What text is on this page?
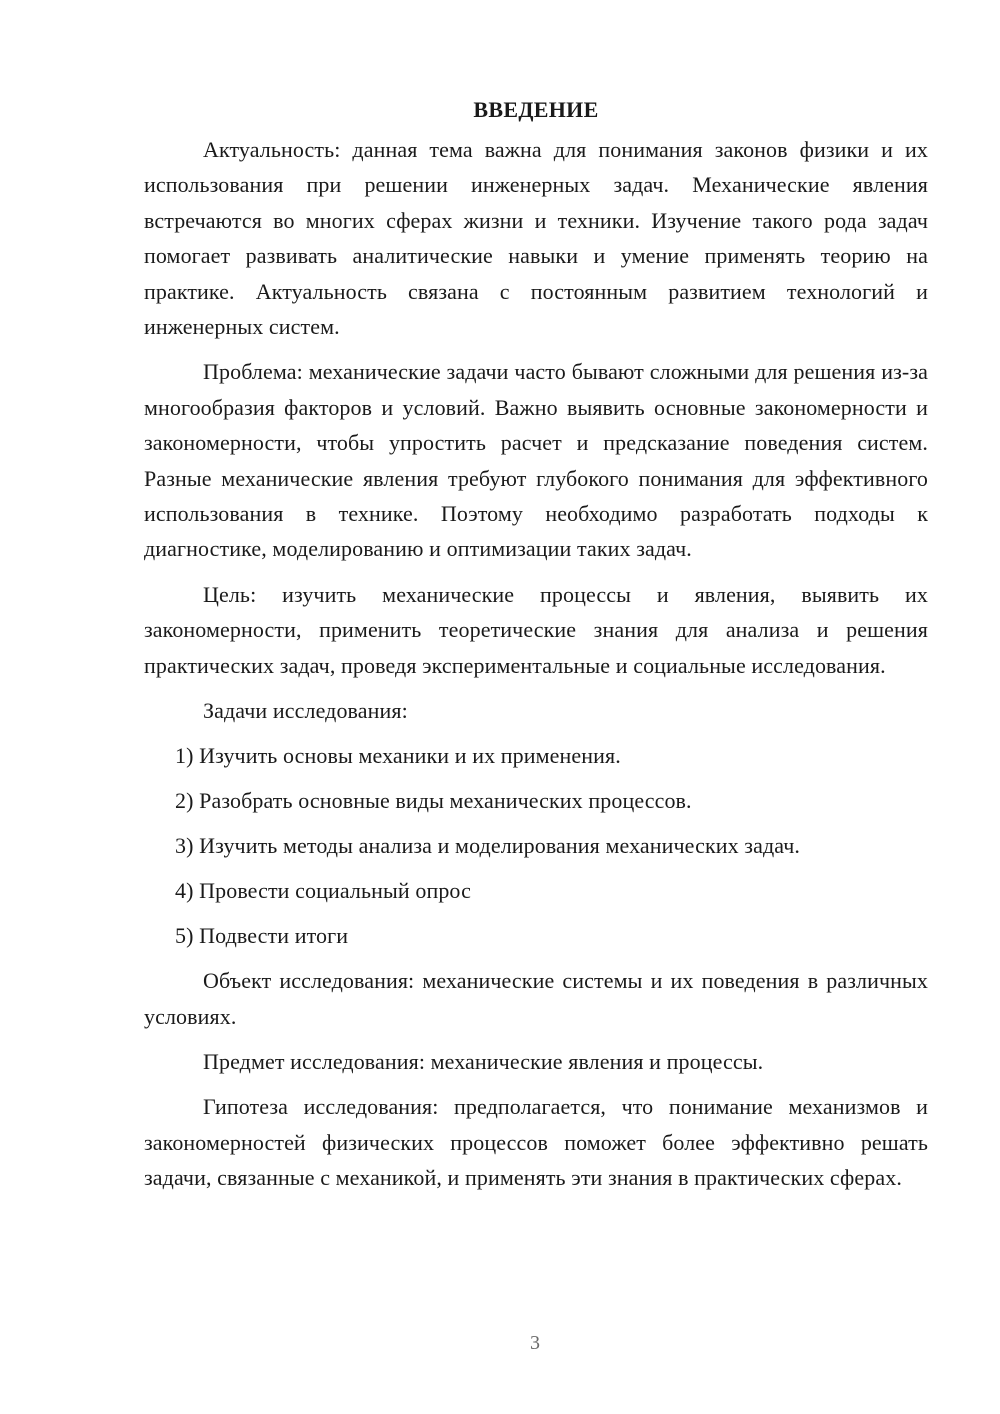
ВВЕДЕНИЕ

Актуальность: данная тема важна для понимания законов физики и их использования при решении инженерных задач. Механические явления встречаются во многих сферах жизни и техники. Изучение такого рода задач помогает развивать аналитические навыки и умение применять теорию на практике. Актуальность связана с постоянным развитием технологий и инженерных систем.

Проблема: механические задачи часто бывают сложными для решения из-за многообразия факторов и условий. Важно выявить основные закономерности и закономерности, чтобы упростить расчет и предсказание поведения систем. Разные механические явления требуют глубокого понимания для эффективного использования в технике. Поэтому необходимо разработать подходы к диагностике, моделированию и оптимизации таких задач.

Цель: изучить механические процессы и явления, выявить их закономерности, применить теоретические знания для анализа и решения практических задач, проведя экспериментальные и социальные исследования.

Задачи исследования:
1) Изучить основы механики и их применения.
2) Разобрать основные виды механических процессов.
3) Изучить методы анализа и моделирования механических задач.
4) Провести социальный опрос
5) Подвести итоги

Объект исследования: механические системы и их поведения в различных условиях.

Предмет исследования: механические явления и процессы.

Гипотеза исследования: предполагается, что понимание механизмов и закономерностей физических процессов поможет более эффективно решать задачи, связанные с механикой, и применять эти знания в практических сферах.

3
